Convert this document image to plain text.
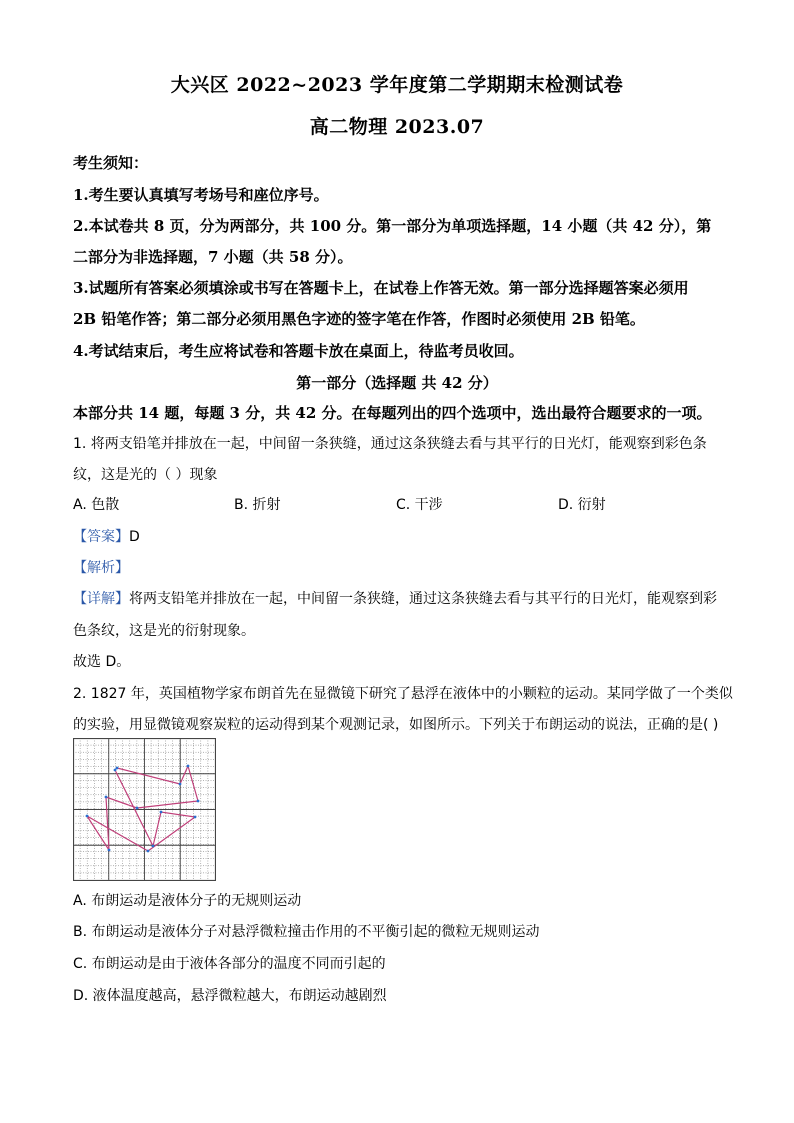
大兴区 2022~2023 学年度第二学期期末检测试卷
高二物理 2023.07
考生须知：
1.考生要认真填写考场号和座位序号。
2.本试卷共 8 页，分为两部分，共 100 分。第一部分为单项选择题，14 小题（共 42 分），第
二部分为非选择题，7 小题（共 58 分）。
3.试题所有答案必须填涂或书写在答题卡上，在试卷上作答无效。第一部分选择题答案必须用
2B 铅笔作答；第二部分必须用黑色字迹的签字笔在作答，作图时必须使用 2B 铅笔。
4.考试结束后，考生应将试卷和答题卡放在桌面上，待监考员收回。
第一部分（选择题 共 42 分）
本部分共 14 题，每题 3 分，共 42 分。在每题列出的四个选项中，选出最符合题要求的一项。
1. 将两支铅笔并排放在一起，中间留一条狭缝，通过这条狭缝去看与其平行的日光灯，能观察到彩色条
纹，这是光的（ ）现象
A. 色散	B. 折射	C. 干涉	D. 衍射
【答案】D
【解析】
【详解】将两支铅笔并排放在一起，中间留一条狭缝，通过这条狭缝去看与其平行的日光灯，能观察到彩
色条纹，这是光的衍射现象。
故选 D。
2. 1827 年，英国植物学家布朗首先在显微镜下研究了悬浮在液体中的小颗粒的运动。某同学做了一个类似
的实验，用显微镜观察炭粒的运动得到某个观测记录，如图所示。下列关于布朗运动的说法，正确的是( )
A. 布朗运动是液体分子的无规则运动
B. 布朗运动是液体分子对悬浮微粒撞击作用的不平衡引起的微粒无规则运动
C. 布朗运动是由于液体各部分的温度不同而引起的
D. 液体温度越高，悬浮微粒越大，布朗运动越剧烈
